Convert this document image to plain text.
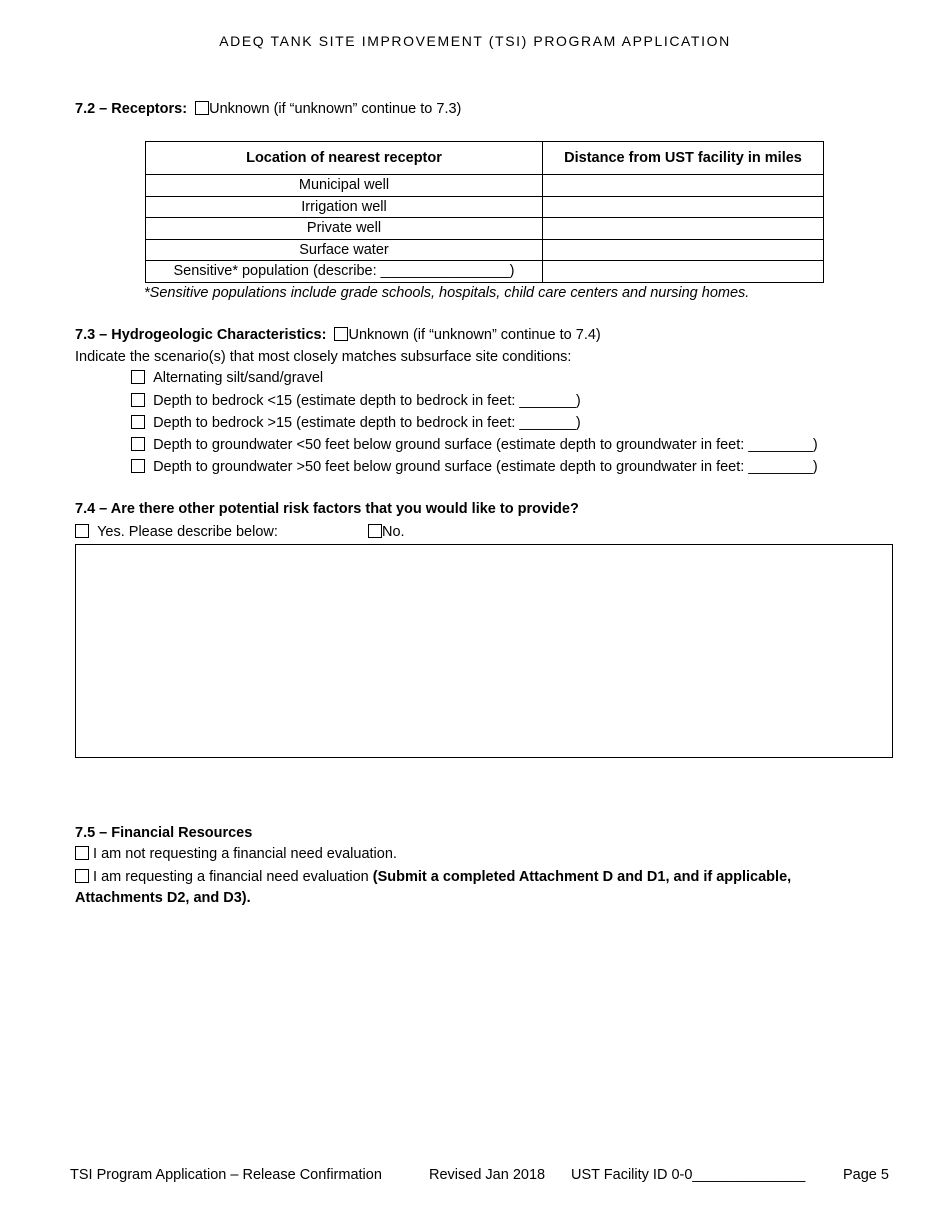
ADEQ TANK SITE IMPROVEMENT (TSI) PROGRAM APPLICATION
7.2 – Receptors: Unknown (if “unknown” continue to 7.3)
Location of nearest receptor	Distance from UST facility in miles
Municipal well	
Irrigation well	
Private well	
Surface water	
Sensitive* population (describe: ________________)	
*Sensitive populations include grade schools, hospitals, child care centers and nursing homes.
7.3 – Hydrogeologic Characteristics: Unknown (if “unknown” continue to 7.4)
Indicate the scenario(s) that most closely matches subsurface site conditions:
Alternating silt/sand/gravel
Depth to bedrock <15 (estimate depth to bedrock in feet: _______)
Depth to bedrock >15 (estimate depth to bedrock in feet: _______)
Depth to groundwater <50 feet below ground surface (estimate depth to groundwater in feet: ________)
Depth to groundwater >50 feet below ground surface (estimate depth to groundwater in feet: ________)
7.4 – Are there other potential risk factors that you would like to provide?
Yes. Please describe below:	No.
7.5 – Financial Resources
I am not requesting a financial need evaluation.
I am requesting a financial need evaluation (Submit a completed Attachment D and D1, and if applicable,
Attachments D2, and D3).
TSI Program Application – Release Confirmation	Revised Jan 2018 UST Facility ID 0-0______________	Page 5
